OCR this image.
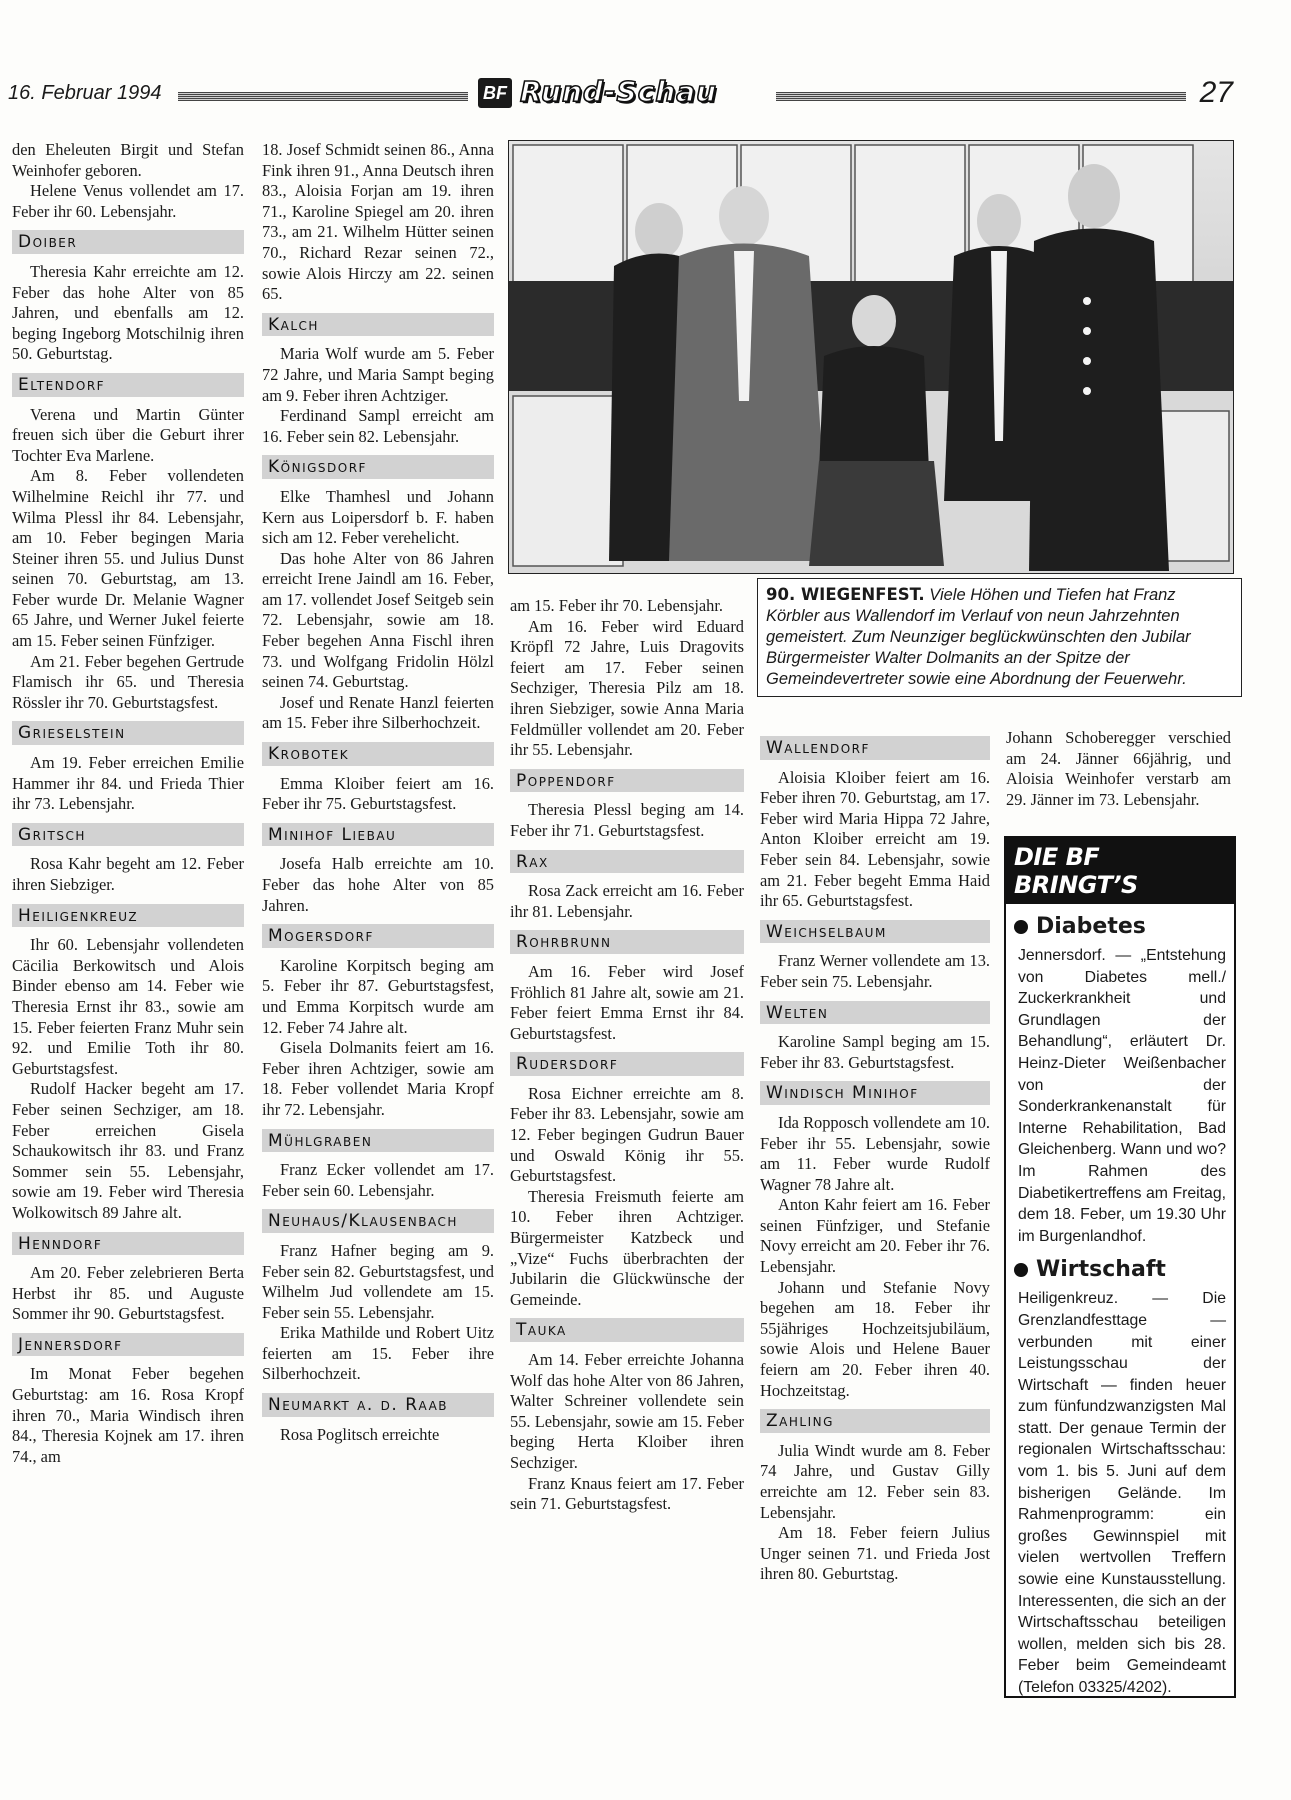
16. Februar 1994	BF Rund-Schau	27

den Eheleuten Birgit und Stefan Weinhofer geboren.

Helene Venus vollendet am 17. Feber ihr 60. Lebensjahr.

Doiber

Theresia Kahr erreichte am 12. Feber das hohe Alter von 85 Jahren, und ebenfalls am 12. beging Ingeborg Motschilnig ihren 50. Geburtstag.

Eltendorf

Verena und Martin Günter freuen sich über die Geburt ihrer Tochter Eva Marlene.

Am 8. Feber vollendeten Wilhelmine Reichl ihr 77. und Wilma Plessl ihr 84. Lebensjahr, am 10. Feber begingen Maria Steiner ihren 55. und Julius Dunst seinen 70. Geburtstag, am 13. Feber wurde Dr. Melanie Wagner 65 Jahre, und Werner Jukel feierte am 15. Feber seinen Fünfziger.

Am 21. Feber begehen Gertrude Flamisch ihr 65. und Theresia Rössler ihr 70. Geburtstagsfest.

Grieselstein

Am 19. Feber erreichen Emilie Hammer ihr 84. und Frieda Thier ihr 73. Lebensjahr.

Gritsch

Rosa Kahr begeht am 12. Feber ihren Siebziger.

Heiligenkreuz

Ihr 60. Lebensjahr vollendeten Cäcilia Berkowitsch und Alois Binder ebenso am 14. Feber wie Theresia Ernst ihr 83., sowie am 15. Feber feierten Franz Muhr sein 92. und Emilie Toth ihr 80. Geburtstagsfest.

Rudolf Hacker begeht am 17. Feber seinen Sechziger, am 18. Feber erreichen Gisela Schaukowitsch ihr 83. und Franz Sommer sein 55. Lebensjahr, sowie am 19. Feber wird Theresia Wolkowitsch 89 Jahre alt.

Henndorf

Am 20. Feber zelebrieren Berta Herbst ihr 85. und Auguste Sommer ihr 90. Geburtstagsfest.

Jennersdorf

Im Monat Feber begehen Geburtstag: am 16. Rosa Kropf ihren 70., Maria Windisch ihren 84., Theresia Kojnek am 17. ihren 74., am

18. Josef Schmidt seinen 86., Anna Fink ihren 91., Anna Deutsch ihren 83., Aloisia Forjan am 19. ihren 71., Karoline Spiegel am 20. ihren 73., am 21. Wilhelm Hütter seinen 70., Richard Rezar seinen 72., sowie Alois Hirczy am 22. seinen 65.

Kalch

Maria Wolf wurde am 5. Feber 72 Jahre, und Maria Sampt beging am 9. Feber ihren Achtziger.

Ferdinand Sampl erreicht am 16. Feber sein 82. Lebensjahr.

Königsdorf

Elke Thamhesl und Johann Kern aus Loipersdorf b. F. haben sich am 12. Feber verehelicht.

Das hohe Alter von 86 Jahren erreicht Irene Jaindl am 16. Feber, am 17. vollendet Josef Seitgeb sein 72. Lebensjahr, sowie am 18. Feber begehen Anna Fischl ihren 73. und Wolfgang Fridolin Hölzl seinen 74. Geburtstag.

Josef und Renate Hanzl feierten am 15. Feber ihre Silberhochzeit.

Krobotek

Emma Kloiber feiert am 16. Feber ihr 75. Geburtstagsfest.

Minihof Liebau

Josefa Halb erreichte am 10. Feber das hohe Alter von 85 Jahren.

Mogersdorf

Karoline Korpitsch beging am 5. Feber ihr 87. Geburtstagsfest, und Emma Korpitsch wurde am 12. Feber 74 Jahre alt.

Gisela Dolmanits feiert am 16. Feber ihren Achtziger, sowie am 18. Feber vollendet Maria Kropf ihr 72. Lebensjahr.

Mühlgraben

Franz Ecker vollendet am 17. Feber sein 60. Lebensjahr.

Neuhaus/Klausenbach

Franz Hafner beging am 9. Feber sein 82. Geburtstagsfest, und Wilhelm Jud vollendete am 15. Feber sein 55. Lebensjahr.

Erika Mathilde und Robert Uitz feierten am 15. Feber ihre Silberhochzeit.

Neumarkt a. d. Raab

Rosa Poglitsch erreichte

90. WIEGENFEST. Viele Höhen und Tiefen hat Franz Körbler aus Wallendorf im Verlauf von neun Jahrzehnten gemeistert. Zum Neunziger beglückwünschten den Jubilar Bürgermeister Walter Dolmanits an der Spitze der Gemeindevertreter sowie eine Abordnung der Feuerwehr.

am 15. Feber ihr 70. Lebensjahr.

Am 16. Feber wird Eduard Kröpfl 72 Jahre, Luis Dragovits feiert am 17. Feber seinen Sechziger, Theresia Pilz am 18. ihren Siebziger, sowie Anna Maria Feldmüller vollendet am 20. Feber ihr 55. Lebensjahr.

Poppendorf

Theresia Plessl beging am 14. Feber ihr 71. Geburtstagsfest.

Rax

Rosa Zack erreicht am 16. Feber ihr 81. Lebensjahr.

Rohrbrunn

Am 16. Feber wird Josef Fröhlich 81 Jahre alt, sowie am 21. Feber feiert Emma Ernst ihr 84. Geburtstagsfest.

Rudersdorf

Rosa Eichner erreichte am 8. Feber ihr 83. Lebensjahr, sowie am 12. Feber begingen Gudrun Bauer und Oswald König ihr 55. Geburtstagsfest.

Theresia Freismuth feierte am 10. Feber ihren Achtziger. Bürgermeister Katzbeck und „Vize“ Fuchs überbrachten der Jubilarin die Glückwünsche der Gemeinde.

Tauka

Am 14. Feber erreichte Johanna Wolf das hohe Alter von 86 Jahren, Walter Schreiner vollendete sein 55. Lebensjahr, sowie am 15. Feber beging Herta Kloiber ihren Sechziger.

Franz Knaus feiert am 17. Feber sein 71. Geburtstagsfest.

Wallendorf

Aloisia Kloiber feiert am 16. Feber ihren 70. Geburtstag, am 17. Feber wird Maria Hippa 72 Jahre, Anton Kloiber erreicht am 19. Feber sein 84. Lebensjahr, sowie am 21. Feber begeht Emma Haid ihr 65. Geburtstagsfest.

Weichselbaum

Franz Werner vollendete am 13. Feber sein 75. Lebensjahr.

Welten

Karoline Sampl beging am 15. Feber ihr 83. Geburtstagsfest.

Windisch Minihof

Ida Ropposch vollendete am 10. Feber ihr 55. Lebensjahr, sowie am 11. Feber wurde Rudolf Wagner 78 Jahre alt.

Anton Kahr feiert am 16. Feber seinen Fünfziger, und Stefanie Novy erreicht am 20. Feber ihr 76. Lebensjahr.

Johann und Stefanie Novy begehen am 18. Feber ihr 55jähriges Hochzeitsjubiläum, sowie Alois und Helene Bauer feiern am 20. Feber ihren 40. Hochzeitstag.

Zahling

Julia Windt wurde am 8. Feber 74 Jahre, und Gustav Gilly erreichte am 12. Feber sein 83. Lebensjahr.

Am 18. Feber feiern Julius Unger seinen 71. und Frieda Jost ihren 80. Geburtstag.

Johann Schoberegger verschied am 24. Jänner 66jährig, und Aloisia Weinhofer verstarb am 29. Jänner im 73. Lebensjahr.

DIE BF BRINGT’S
Diabetes

Jennersdorf. — „Entstehung von Diabetes mell./ Zuckerkrankheit und Grundlagen der Behandlung“, erläutert Dr. Heinz-Dieter Weißenbacher von der Sonderkrankenanstalt für Interne Rehabilitation, Bad Gleichenberg. Wann und wo? Im Rahmen des Diabetikertreffens am Freitag, dem 18. Feber, um 19.30 Uhr im Burgenlandhof.

Wirtschaft

Heiligenkreuz. — Die Grenzlandfesttage — verbunden mit einer Leistungsschau der Wirtschaft — finden heuer zum fünfundzwanzigsten Mal statt. Der genaue Termin der regionalen Wirtschaftsschau: vom 1. bis 5. Juni auf dem bisherigen Gelände. Im Rahmenprogramm: ein großes Gewinnspiel mit vielen wertvollen Treffern sowie eine Kunstausstellung. Interessenten, die sich an der Wirtschaftsschau beteiligen wollen, melden sich bis 28. Feber beim Gemeindeamt (Telefon 03325/4202).
